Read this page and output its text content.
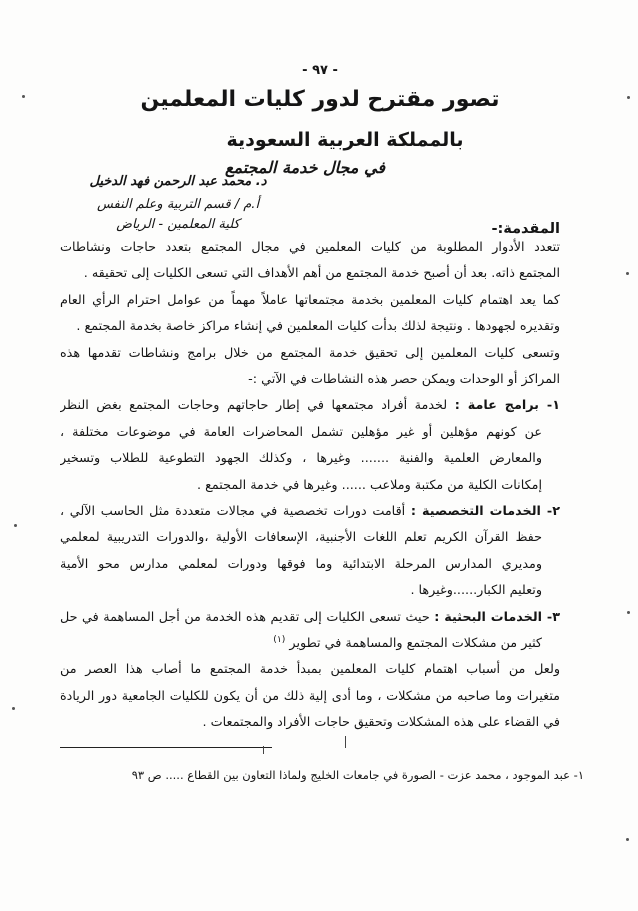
- ٩٧ -
تصور مقترح لدور كليات المعلمين
بالمملكة العربية السعودية
في مجال خدمة المجتمع
د. محمد عبد الرحمن فهد الدخيل
أ.م / قسم التربية وعلم النفس
كلية المعلمين - الرياض	المقدمة:-
تتعدد الأدوار المطلوبة من كليات المعلمين في مجال المجتمع بتعدد حاجات ونشاطات
المجتمع ذاته. بعد أن أصبح خدمة المجتمع من أهم الأهداف التي تسعى الكليات إلى تحقيقه .
كما يعد اهتمام كليات المعلمين بخدمة مجتمعاتها عاملاً مهماً من عوامل احترام الرأي العام
وتقديره لجهودها . ونتيجة لذلك بدأت كليات المعلمين في إنشاء مراكز خاصة بخدمة المجتمع .
وتسعى كليات المعلمين إلى تحقيق خدمة المجتمع من خلال برامج ونشاطات تقدمها هذه
المراكز أو الوحدات ويمكن حصر هذه النشاطات في الآتي :-
١- برامج عامة : لخدمة أفراد مجتمعها في إطار حاجاتهم وحاجات المجتمع بغض النظر
عن كونهم مؤهلين أو غير مؤهلين تشمل المحاضرات العامة في موضوعات مختلفة ،
والمعارض العلمية والفنية ....... وغيرها ، وكذلك الجهود التطوعية للطلاب وتسخير
إمكانات الكلية من مكتبة وملاعب ...... وغيرها في خدمة المجتمع .
٢- الخدمات التخصصية : أقامت دورات تخصصية في مجالات متعددة مثل الحاسب الآلي ،
حفظ القرآن الكريم تعلم اللغات الأجنبية، الإسعافات الأولية ،والدورات التدريبية لمعلمي
ومديري المدارس المرحلة الابتدائية وما فوقها ودورات لمعلمي مدارس محو الأمية
وتعليم الكبار......وغيرها .
٣- الخدمات البحثية : حيث تسعى الكليات إلى تقديم هذه الخدمة من أجل المساهمة في حل
كثير من مشكلات المجتمع والمساهمة في تطوير $^{(١)}$
ولعل من أسباب اهتمام كليات المعلمين بمبدأ خدمة المجتمع ما أصاب هذا العصر من
متغيرات وما صاحبه من مشكلات ، وما أدى إلية ذلك من أن يكون للكليات الجامعية دور الريادة
في القضاء على هذه المشكلات وتحقيق حاجات الأفراد والمجتمعات .
١- عبد الموجود ، محمد عزت - الصورة في جامعات الخليج ولماذا التعاون بين القطاع ..... ص ٩٣
